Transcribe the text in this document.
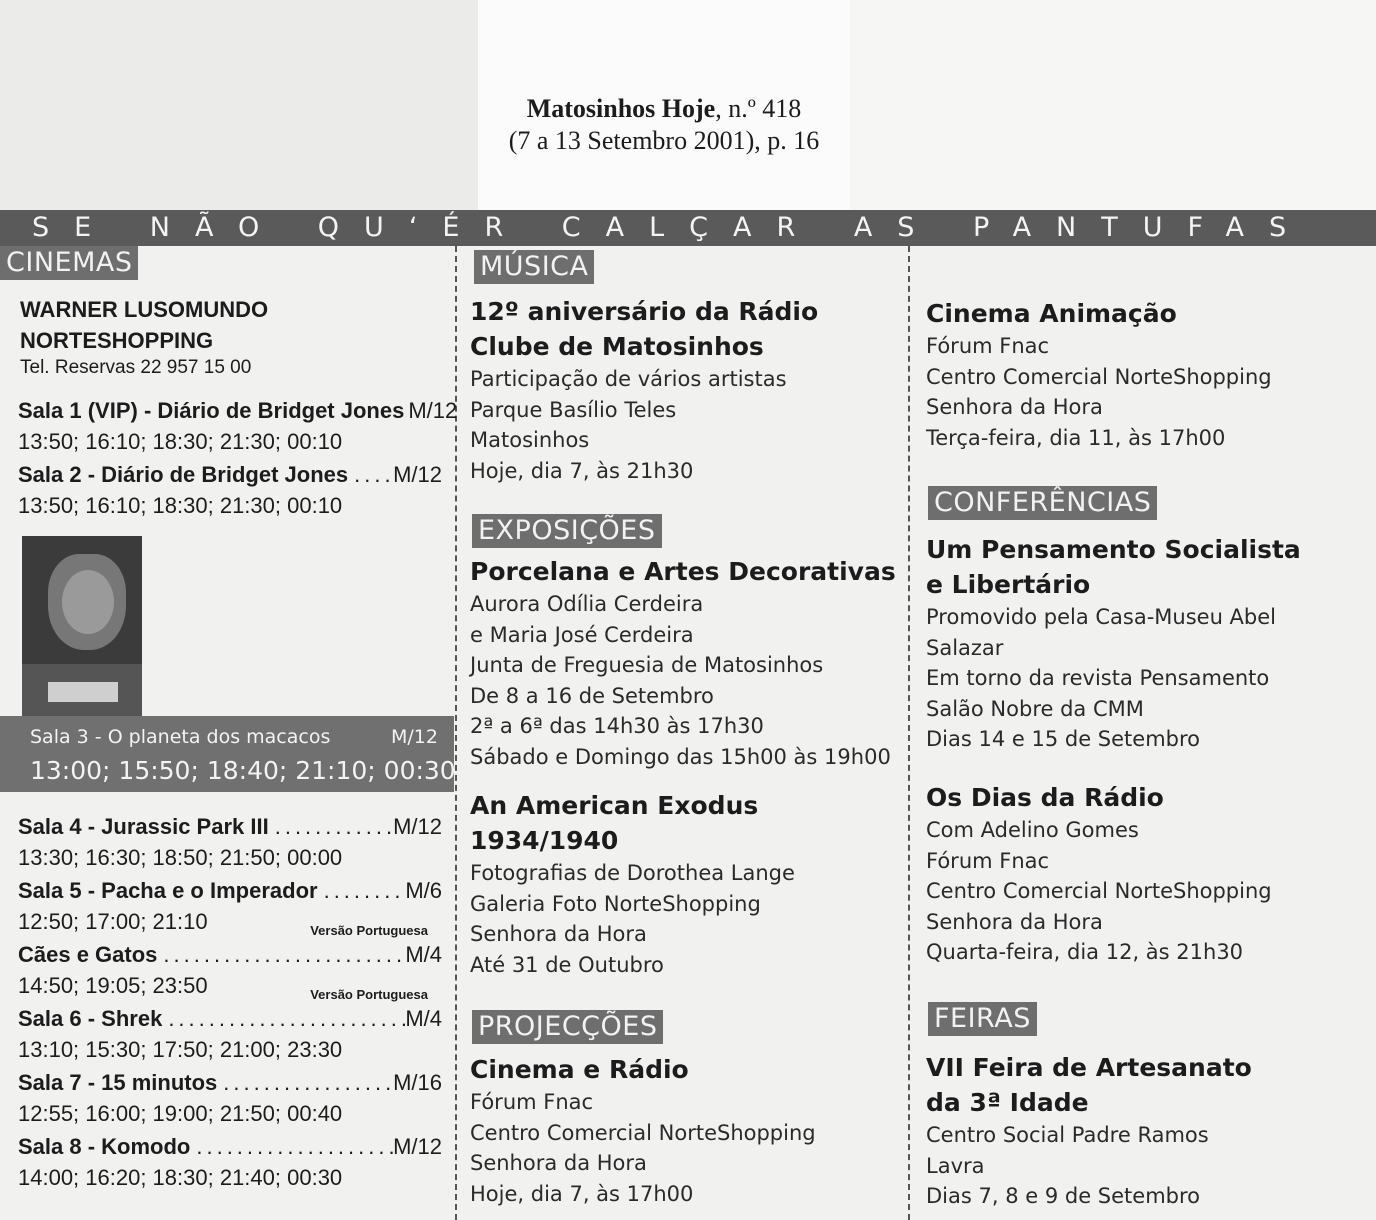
Matosinhos Hoje, n.º 418
(7 a 13 Setembro 2001), p. 16
SE NÃO QUʻÉR CALÇAR AS PANTUFAS
CINEMAS
WARNER LUSOMUNDO
NORTESHOPPING
Tel. Reservas 22 957 15 00
Sala 1 (VIP) - Diário de Bridget Jones ..... M/12
13:50; 16:10; 18:30; 21:30; 00:10
Sala 2 - Diário de Bridget Jones ..... M/12
13:50; 16:10; 18:30; 21:30; 00:10
Sala 3 - O planeta dos macacos	M/12
13:00; 15:50; 18:40; 21:10; 00:30
Sala 4 - Jurassic Park III .....	M/12
13:30; 16:30; 18:50; 21:50; 00:00
Sala 5 - Pacha e o Imperador .....	M/6
12:50; 17:00; 21:10	Versão Portuguesa
Cães e Gatos .....	M/4
14:50; 19:05; 23:50	Versão Portuguesa
Sala 6 - Shrek .....	M/4
13:10; 15:30; 17:50; 21:00; 23:30
Sala 7 - 15 minutos .....	M/16
12:55; 16:00; 19:00; 21:50; 00:40
Sala 8 - Komodo .....	M/12
14:00; 16:20; 18:30; 21:40; 00:30
MÚSICA
12º aniversário da Rádio
Clube de Matosinhos
Participação de vários artistas
Parque Basílio Teles
Matosinhos
Hoje, dia 7, às 21h30
EXPOSIÇÕES
Porcelana e Artes Decorativas
Aurora Odília Cerdeira
e Maria José Cerdeira
Junta de Freguesia de Matosinhos
De 8 a 16 de Setembro
2ª a 6ª das 14h30 às 17h30
Sábado e Domingo das 15h00 às 19h00
An American Exodus
1934/1940
Fotografias de Dorothea Lange
Galeria Foto NorteShopping
Senhora da Hora
Até 31 de Outubro
PROJECÇÕES
Cinema e Rádio
Fórum Fnac
Centro Comercial NorteShopping
Senhora da Hora
Hoje, dia 7, às 17h00
Cinema Animação
Fórum Fnac
Centro Comercial NorteShopping
Senhora da Hora
Terça-feira, dia 11, às 17h00
CONFERÊNCIAS
Um Pensamento Socialista
e Libertário
Promovido pela Casa-Museu Abel
Salazar
Em torno da revista Pensamento
Salão Nobre da CMM
Dias 14 e 15 de Setembro
Os Dias da Rádio
Com Adelino Gomes
Fórum Fnac
Centro Comercial NorteShopping
Senhora da Hora
Quarta-feira, dia 12, às 21h30
FEIRAS
VII Feira de Artesanato
da 3ª Idade
Centro Social Padre Ramos
Lavra
Dias 7, 8 e 9 de Setembro
